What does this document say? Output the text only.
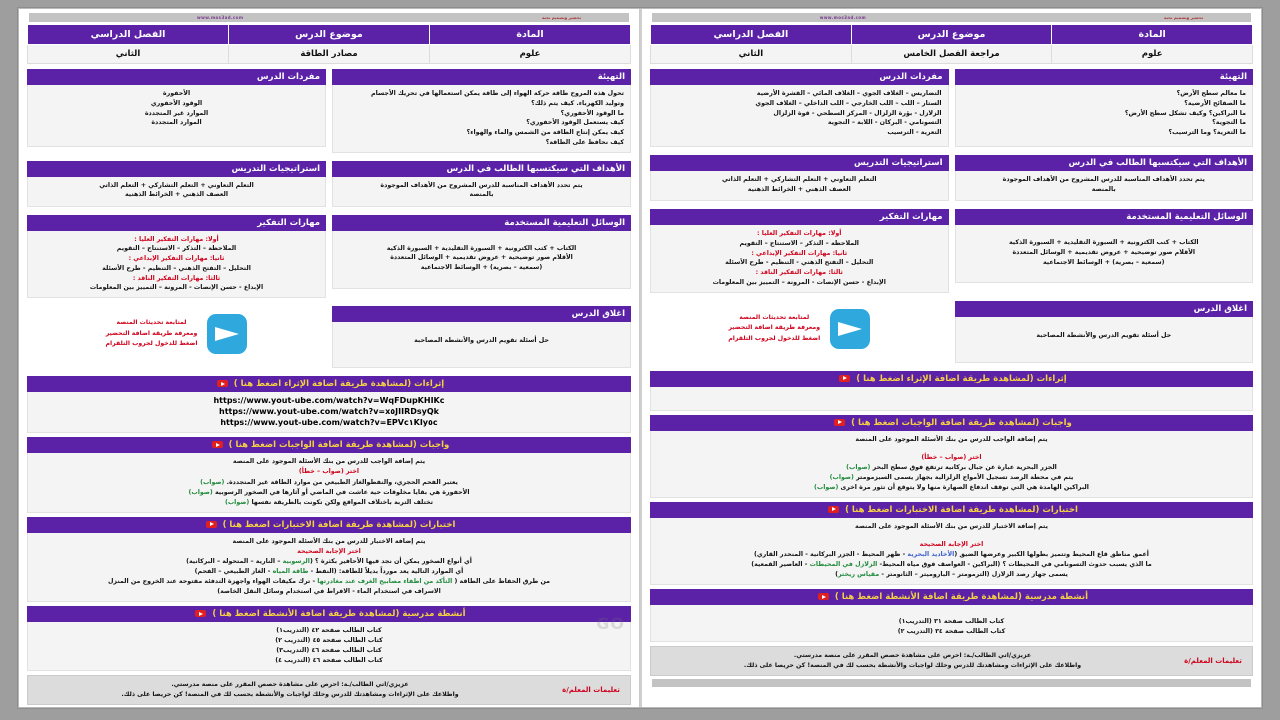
www.mos3ad.com	تحضير وتصميم نخبة
المادة	موضوع الدرس	الفصل الدراسي
علوم	مصادر الطاقة	الثاني
التهيئة

تحول هذه المروح طاقة حركة الهواء إلى طاقة يمكن استعمالها في تحريك الأجسام

وتوليد الكهرباء. كيف يتم ذلك؟

ما الوقود الأحفوري؟

كيف يستعمل الوقود الأحفوري؟

كيف يمكن إنتاج الطاقة من الشمس والماء والهواء؟

كيف نحافظ على الطاقة؟

مفردات الدرس

الأحفورة

الوقود الأحفوري

الموارد غير المتجددة

الموارد المتجددة

الأهداف التي سيكتسبها الطالب في الدرس

يتم تحدد الأهداف المناسبة للدرس المشروح من الأهداف الموجودة

بالمنصة

استراتيجيات التدريس

التعلم التعاوني + التعلم التشاركي + التعلم الذاتي

العصف الذهني + الخرائط الذهنية

الوسائل التعليمية المستخدمة

الكتاب + كتب الكترونية + السبورة التقليدية + السبورة الذكية

الأقلام صور توضيحية + عروض تقديمية + الوسائل المتعددة

(سمعية – بصرية) + الوسائط الاجتماعية

مهارات التفكير

أولا: مهارات التفكير العليا :

الملاحظة – التذكر – الاستنتاج – التقويم

ثانيا: مهارات التفكير الإبداعي :

التحليل – التفتح الذهني – التنظيم - طرح الأسئلة

ثالثا: مهارات التفكير الناقد :

الإبداع - حسن الإنصات - المرونة – التمييز بين المعلومات

اغلاق الدرس

حل أسئلة تقويم الدرس والأنشطة المصاحبة

لمتابعة تحديثات المنصة
ومعرفة طريقة اضافة التحضير
اضغط للدخول لجروب التلقرام
إثراءات (لمشاهدة طريقة اضافة الإثراء اضغط هنا )
https://www.yout-ube.com/watch?v=WqFDupKHIKc
https://www.yout-ube.com/watch?v=x٥JIIRDsyQk
https://www.yout-ube.com/watch?v=EPVc١KIy٥c
واجبات (لمشاهدة طريقة اضافة الواجبات اضغط هنا )

يتم إضافة الواجب للدرس من بنك الأسئلة الموجود على المنصة

اختر (صواب – خطأ)

يعتبر الفحم الحجري، والنفطوالغاز الطبيعي من موارد الطاقة غير المتجددة. (صواب)

الأحفورة هي بقايا مخلوقات حية عاشت في الماضي أو آثارها في الصخور الرسوبية (صواب)

تختلف التربة باختلاف المواقع ولكن تكونت بالطريقة نفسها (صواب)

اختبارات (لمشاهدة طريقة اضافة الاختبارات اضغط هنا )

يتم إضافة الاختبار للدرس من بنك الأسئلة الموجود على المنصة

اختر الإجابة الصحيحة

أي أنواع الصخور يمكن أن نجد فيها الأحافير بكثرة ؟ (الرسوبية – النارية – المتحولة – البركانية)

أي الموارد التالية يعد مورداً بديلاً للطاقة: (النفط - طاقة المياه - الغاز الطبيعي – الفحم)

من طرق الحفاظ على الطاقة ( التأكد من اطفاء مصابيح الغرف عند مغادرتها - ترك مكيفات الهواء واجهزة التدفئة مفتوحة عند الخروج من المنزل

الاسراف في استخدام الماء - الافراط في استخدام وسائل النقل الخاصة)

أنشطة مدرسية (لمشاهدة طريقة اضافة الأنشطة اضغط هنا )

كتاب الطالب صفحة ٤٢ (التدريب١)

كتاب الطالب صفحة ٤٥ (التدريب ٢)

كتاب الطالب صفحة ٤٦ (التدريب٣)

كتاب الطالب صفحة ٤٦ (التدريب ٤)

تعليمات المعلم/ة
عزيزي/اتي الطالب/ـة: احرص على مشاهدة حصص المقرر على منصة مدرستي.
واطلاعك على الإثراءات ومشاهدتك للدرس وحلك لواجبات والأنشطة بحسب لك في المنصة! كن حريصا على ذلك.
GO
www.mos3ad.com	تحضير وتصميم نخبة
المادة	موضوع الدرس	الفصل الدراسي
علوم	مراجعة الفصل الخامس	الثاني
التهيئة

ما معالم سطح الأرض؟

ما الصفائح الأرضية؟

ما البراكين؟ وكيف تشكل سطح الأرض؟

ما التجوية؟

ما التعرية؟ وما الترسيب؟

مفردات الدرس

التضاريس – الغلاف الجوي – الغلاف المائي – القشرة الأرضية

الستار – اللب – اللب الخارجي – اللب الداخلي – الغلاف الجوي

الزلازل - بؤرة الزلزال - المركز السطحي - قوة الزلزال

التسونامي - البركان - اللابة – التجوية

التعرية - الترسيب

الأهداف التي سيكتسبها الطالب في الدرس

يتم تحدد الأهداف المناسبة للدرس المشروح من الأهداف الموجودة

بالمنصة

استراتيجيات التدريس

التعلم التعاوني + التعلم التشاركي + التعلم الذاتي

العصف الذهني + الخرائط الذهنية

الوسائل التعليمية المستخدمة

الكتاب + كتب الكترونية + السبورة التقليدية + السبورة الذكية

الأقلام صور توضيحية + عروض تقديمية + الوسائل المتعددة

(سمعية – بصرية) + الوسائط الاجتماعية

مهارات التفكير

أولا: مهارات التفكير العليا :

الملاحظة – التذكر – الاستنتاج – التقويم

ثانيا: مهارات التفكير الإبداعي :

التحليل – التفتح الذهني - التنظيم - طرح الأسئلة

ثالثا: مهارات التفكير الناقد :

الإبداع - حسن الإنصات - المرونة – التمييز بين المعلومات

اغلاق الدرس

حل أسئلة تقويم الدرس والأنشطة المصاحبة

لمتابعة تحديثات المنصة
ومعرفة طريقة اضافة التحضير
اضغط للدخول لجروب التلقرام
إثراءات (لمشاهدة طريقة اضافة الإثراء اضغط هنا )
واجبات (لمشاهدة طريقة اضافة الواجبات اضغط هنا )

يتم إضافة الواجب للدرس من بنك الأسئلة الموجود على المنصة

اختر (صواب – خطأ)

الجزر البحرية عبارة عن جبال بركانية ترتفع فوق سطح البحر (صواب)

يتم في محطة الرصد تسجيل الأمواج الزلزالية بجهاز يسمى السيزمومتر (صواب)

البراكين الهامدة هي التي توقف اندفاع الصهارة منها ولا يتوقع أن تثور مرة اخرى (صواب)

اختبارات (لمشاهدة طريقة اضافة الاختبارات اضغط هنا )

يتم إضافة الاختبار للدرس من بنك الأسئلة الموجود على المنصة

اختر الإجابة الصحيحة

أعمق مناطق قاع المحيط وتتميز بطولها الكبير وعرضها الضيق (الأخاديد البحرية - ظهر المحيط - الجزر البركانية - المنحدر القاري)

ما الذي يسبب حدوث التسونامي في المحيطات ؟ (البراكين - العواصف فوق مياه المحيط- الزلازل في المحيطات - العاصير القمعية)

يسمى جهاز رصد الزلازل (الترمومتر – الباروميتر – الثانومتر - مقياس ريختر)

أنشطة مدرسية (لمشاهدة طريقة اضافة الأنشطة اضغط هنا )

كتاب الطالب صفحة ٣١ (التدريب١)

كتاب الطالب صفحة ٣٤ (التدريب ٢)

تعليمات المعلم/ة
عزيزي/اتي الطالب/ـة: احرص على مشاهدة حصص المقرر على منصة مدرستي.
واطلاعك على الإثراءات ومشاهدتك للدرس وحلك لواجبات والأنشطة بحسب لك في المنصة! كن حريصا على ذلك.
